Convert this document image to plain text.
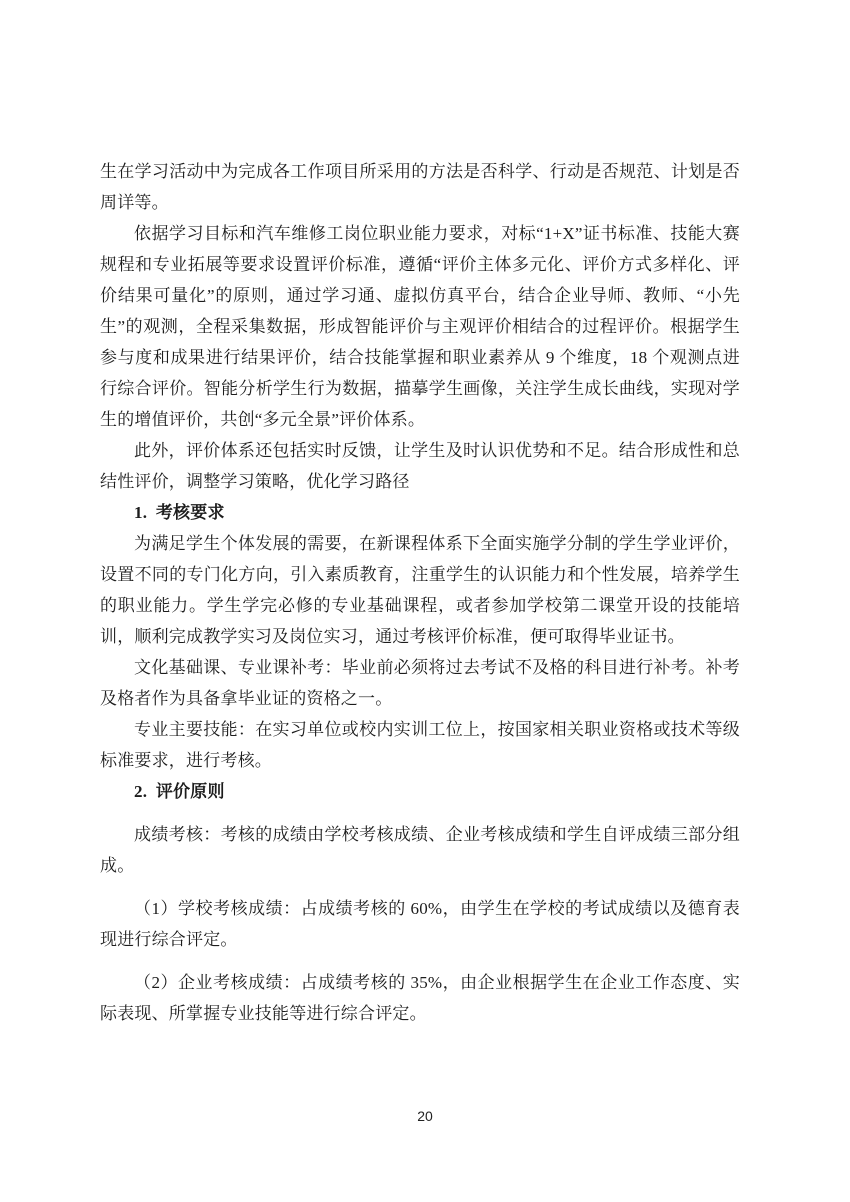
生在学习活动中为完成各工作项目所采用的方法是否科学、行动是否规范、计划是否周详等。

依据学习目标和汽车维修工岗位职业能力要求，对标“1+X”证书标准、技能大赛规程和专业拓展等要求设置评价标准，遵循“评价主体多元化、评价方式多样化、评价结果可量化”的原则，通过学习通、虚拟仿真平台，结合企业导师、教师、“小先生”的观测，全程采集数据，形成智能评价与主观评价相结合的过程评价。根据学生参与度和成果进行结果评价，结合技能掌握和职业素养从 9 个维度，18 个观测点进行综合评价。智能分析学生行为数据，描摹学生画像，关注学生成长曲线，实现对学生的增值评价，共创“多元全景”评价体系。

此外，评价体系还包括实时反馈，让学生及时认识优势和不足。结合形成性和总结性评价，调整学习策略，优化学习路径

1. 考核要求

为满足学生个体发展的需要，在新课程体系下全面实施学分制的学生学业评价，设置不同的专门化方向，引入素质教育，注重学生的认识能力和个性发展，培养学生的职业能力。学生学完必修的专业基础课程，或者参加学校第二课堂开设的技能培训，顺利完成教学实习及岗位实习，通过考核评价标准，便可取得毕业证书。

文化基础课、专业课补考：毕业前必须将过去考试不及格的科目进行补考。补考及格者作为具备拿毕业证的资格之一。

专业主要技能：在实习单位或校内实训工位上，按国家相关职业资格或技术等级标准要求，进行考核。

2. 评价原则

成绩考核：考核的成绩由学校考核成绩、企业考核成绩和学生自评成绩三部分组成。

（1）学校考核成绩：占成绩考核的 60%，由学生在学校的考试成绩以及德育表现进行综合评定。

（2）企业考核成绩：占成绩考核的 35%，由企业根据学生在企业工作态度、实际表现、所掌握专业技能等进行综合评定。

20
